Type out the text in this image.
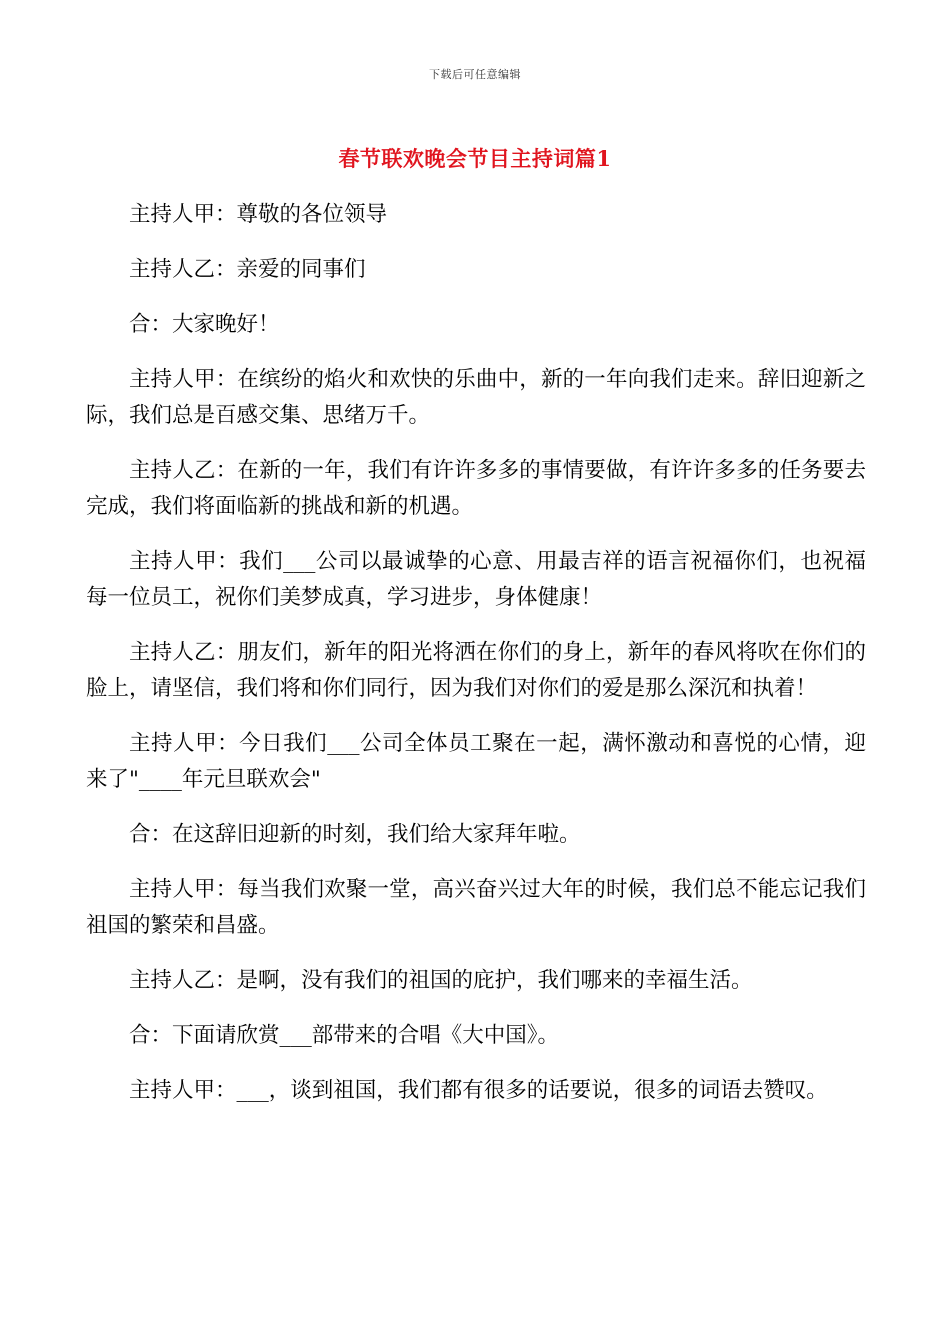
下载后可任意编辑
春节联欢晚会节目主持词篇1

主持人甲：尊敬的各位领导

主持人乙：亲爱的同事们

合：大家晚好！

主持人甲：在缤纷的焰火和欢快的乐曲中，新的一年向我们走来。辞旧迎新之际，我们总是百感交集、思绪万千。

主持人乙：在新的一年，我们有许许多多的事情要做，有许许多多的任务要去完成，我们将面临新的挑战和新的机遇。

主持人甲：我们___公司以最诚挚的心意、用最吉祥的语言祝福你们，也祝福每一位员工，祝你们美梦成真，学习进步，身体健康！

主持人乙：朋友们，新年的阳光将洒在你们的身上，新年的春风将吹在你们的脸上，请坚信，我们将和你们同行，因为我们对你们的爱是那么深沉和执着！

主持人甲：今日我们___公司全体员工聚在一起，满怀激动和喜悦的心情，迎来了"____年元旦联欢会"

合：在这辞旧迎新的时刻，我们给大家拜年啦。

主持人甲：每当我们欢聚一堂，高兴奋兴过大年的时候，我们总不能忘记我们祖国的繁荣和昌盛。

主持人乙：是啊，没有我们的祖国的庇护，我们哪来的幸福生活。

合：下面请欣赏___部带来的合唱《大中国》。

主持人甲：___，谈到祖国，我们都有很多的话要说，很多的词语去赞叹。
